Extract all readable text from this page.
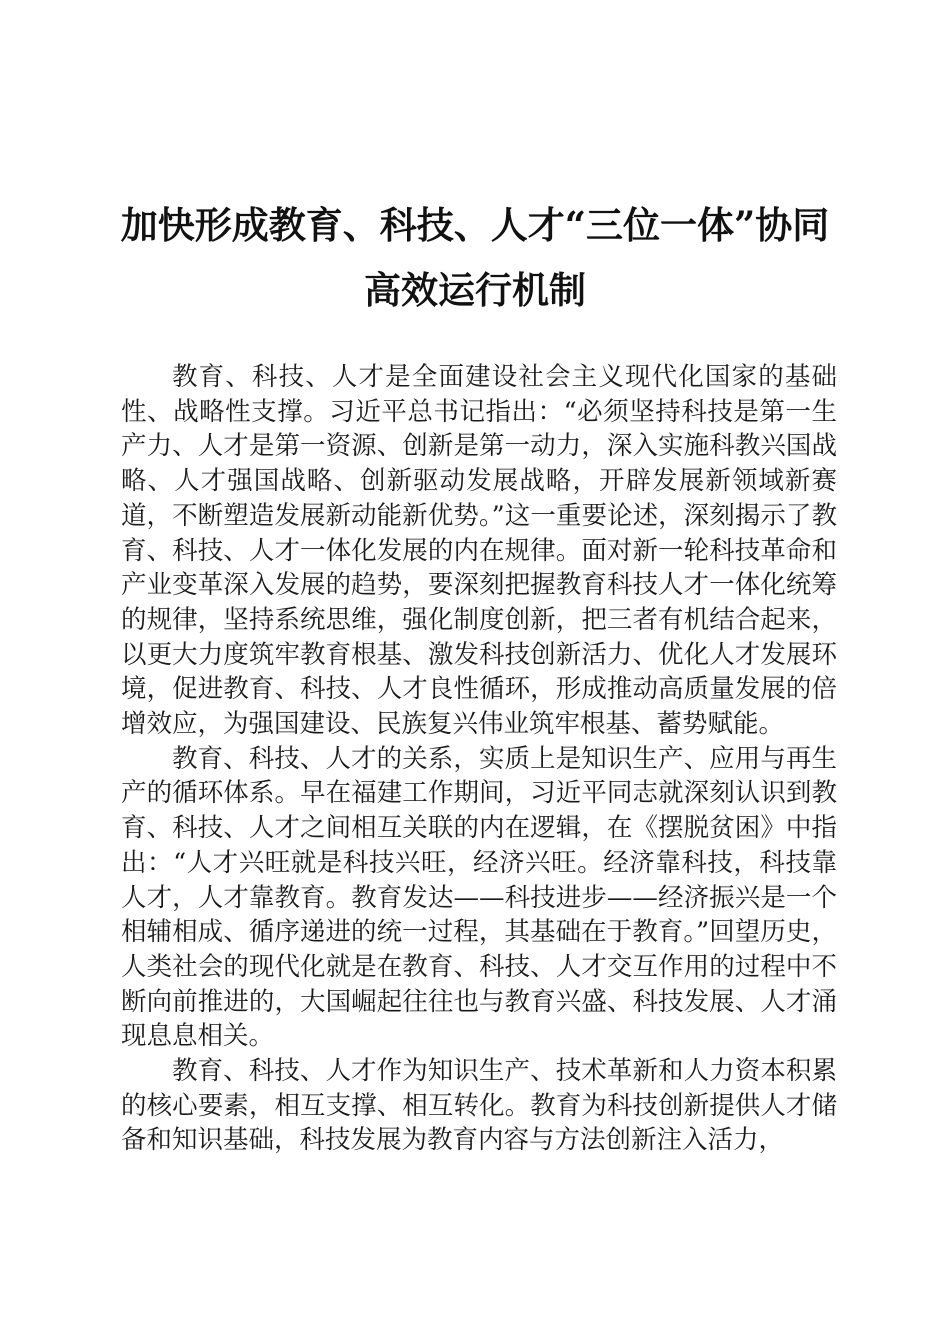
加快形成教育、科技、人才“三位一体”协同
高效运行机制

教育、科技、人才是全面建设社会主义现代化国家的基础性、战略性支撑。习近平总书记指出：“必须坚持科技是第一生产力、人才是第一资源、创新是第一动力，深入实施科教兴国战略、人才强国战略、创新驱动发展战略，开辟发展新领域新赛道，不断塑造发展新动能新优势。”这一重要论述，深刻揭示了教育、科技、人才一体化发展的内在规律。面对新一轮科技革命和产业变革深入发展的趋势，要深刻把握教育科技人才一体化统筹的规律，坚持系统思维，强化制度创新，把三者有机结合起来，以更大力度筑牢教育根基、激发科技创新活力、优化人才发展环境，促进教育、科技、人才良性循环，形成推动高质量发展的倍增效应，为强国建设、民族复兴伟业筑牢根基、蓄势赋能。

教育、科技、人才的关系，实质上是知识生产、应用与再生产的循环体系。早在福建工作期间，习近平同志就深刻认识到教育、科技、人才之间相互关联的内在逻辑，在《摆脱贫困》中指出：“人才兴旺就是科技兴旺，经济兴旺。经济靠科技，科技靠人才，人才靠教育。教育发达——科技进步——经济振兴是一个相辅相成、循序递进的统一过程，其基础在于教育。”回望历史，人类社会的现代化就是在教育、科技、人才交互作用的过程中不断向前推进的，大国崛起往往也与教育兴盛、科技发展、人才涌现息息相关。

教育、科技、人才作为知识生产、技术革新和人力资本积累的核心要素，相互支撑、相互转化。教育为科技创新提供人才储备和知识基础，科技发展为教育内容与方法创新注入活力，
